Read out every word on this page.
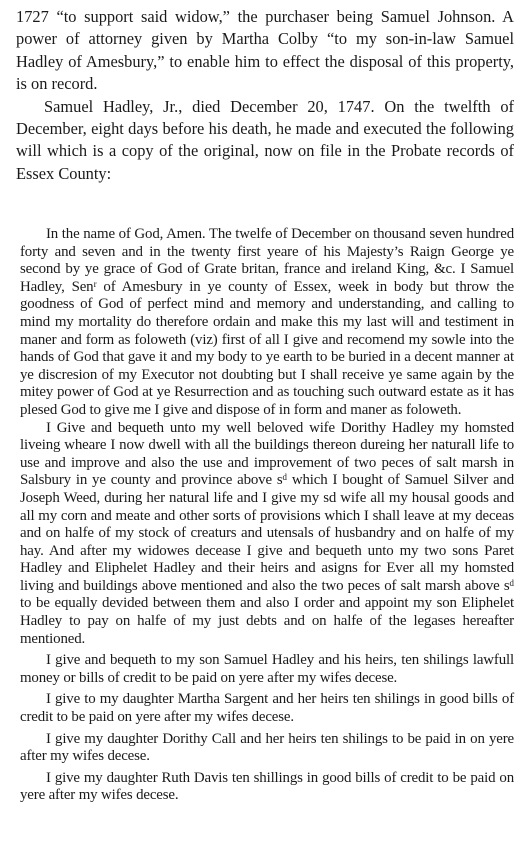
1727 “to support said widow,” the purchaser being Samuel Johnson. A power of attorney given by Martha Colby “to my son-in-law Samuel Hadley of Amesbury,” to enable him to effect the disposal of this property, is on record.

Samuel Hadley, Jr., died December 20, 1747. On the twelfth of December, eight days before his death, he made and executed the following will which is a copy of the original, now on file in the Probate records of Essex County:

In the name of God, Amen. The twelfe of December on thousand seven hundred forty and seven and in the twenty first yeare of his Majesty’s Raign George ye second by ye grace of God of Grate britan, france and ireland King, &c. I Samuel Hadley, Senʳ of Amesbury in ye county of Essex, week in body but throw the goodness of God of perfect mind and memory and understanding, and calling to mind my mortality do therefore ordain and make this my last will and testiment in maner and form as foloweth (viz) first of all I give and recomend my sowle into the hands of God that gave it and my body to ye earth to be buried in a decent manner at ye discresion of my Executor not doubting but I shall receive ye same again by the mitey power of God at ye Resurrection and as touching such outward estate as it has plesed God to give me I give and dispose of in form and maner as foloweth.

I Give and bequeth unto my well beloved wife Dorithy Hadley my homsted liveing wheare I now dwell with all the buildings thereon dureing her naturall life to use and improve and also the use and improvement of two peces of salt marsh in Salsbury in ye county and province above sᵈ which I bought of Samuel Silver and Joseph Weed, during her natural life and I give my sd wife all my housal goods and all my corn and meate and other sorts of provisions which I shall leave at my deceas and on halfe of my stock of creaturs and utensals of husbandry and on halfe of my hay. And after my widowes decease I give and bequeth unto my two sons Paret Hadley and Eliphelet Hadley and their heirs and asigns for Ever all my homsted living and buildings above mentioned and also the two peces of salt marsh above sᵈ to be equally devided between them and also I order and appoint my son Eliphelet Hadley to pay on halfe of my just debts and on halfe of the legases hereafter mentioned.

I give and bequeth to my son Samuel Hadley and his heirs, ten shilings lawfull money or bills of credit to be paid on yere after my wifes decese.

I give to my daughter Martha Sargent and her heirs ten shilings in good bills of credit to be paid on yere after my wifes decese.

I give my daughter Dorithy Call and her heirs ten shilings to be paid in on yere after my wifes decese.

I give my daughter Ruth Davis ten shillings in good bills of credit to be paid on yere after my wifes decese.
